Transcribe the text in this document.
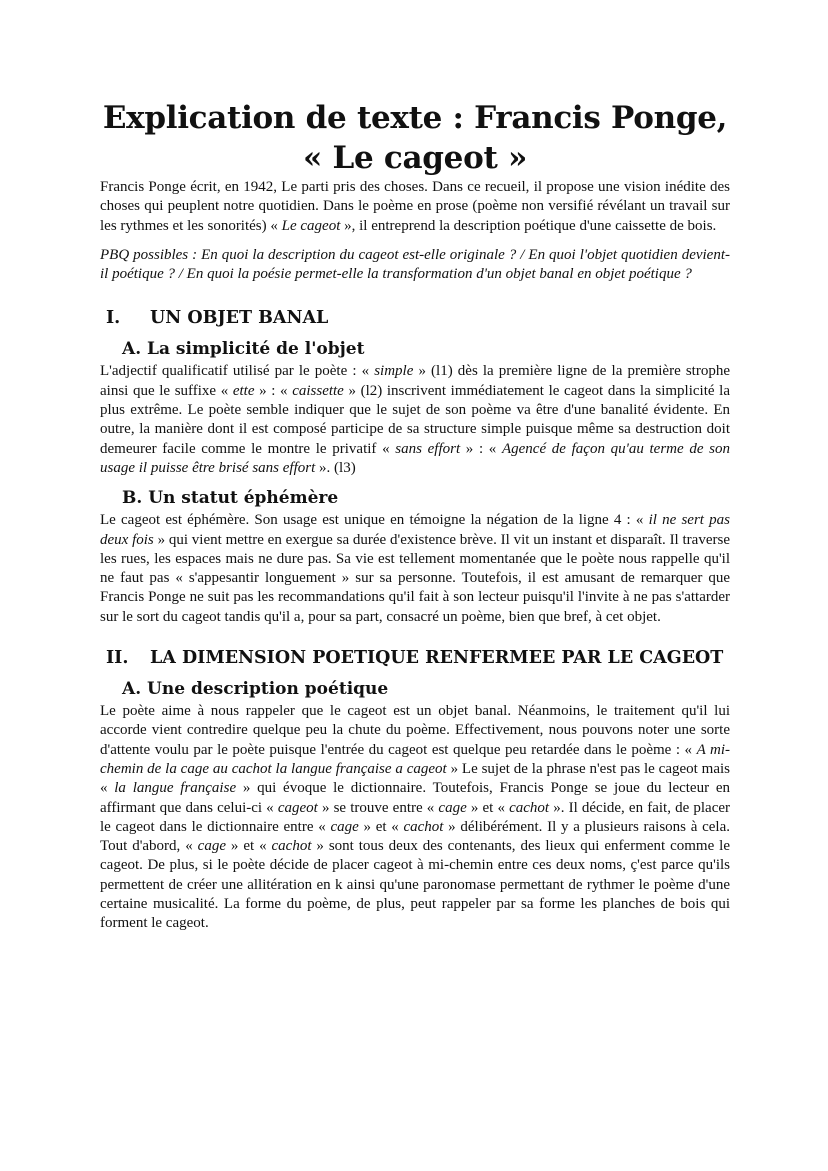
Explication de texte : Francis Ponge,
« Le cageot »

Francis Ponge écrit, en 1942, Le parti pris des choses. Dans ce recueil, il propose une vision inédite des choses qui peuplent notre quotidien. Dans le poème en prose (poème non versifié révélant un travail sur les rythmes et les sonorités) « Le cageot », il entreprend la description poétique d'une caissette de bois.

PBQ possibles : En quoi la description du cageot est-elle originale ? / En quoi l'objet quotidien devient-il poétique ? / En quoi la poésie permet-elle la transformation d'un objet banal en objet poétique ?

I.	UN OBJET BANAL
A. La simplicité de l'objet

L'adjectif qualificatif utilisé par le poète : « simple » (l1) dès la première ligne de la première strophe ainsi que le suffixe « ette » : « caissette » (l2) inscrivent immédiatement le cageot dans la simplicité la plus extrême. Le poète semble indiquer que le sujet de son poème va être d'une banalité évidente. En outre, la manière dont il est composé participe de sa structure simple puisque même sa destruction doit demeurer facile comme le montre le privatif « sans effort » : « Agencé de façon qu'au terme de son usage il puisse être brisé sans effort ». (l3)

B. Un statut éphémère

Le cageot est éphémère. Son usage est unique en témoigne la négation de la ligne 4 : « il ne sert pas deux fois » qui vient mettre en exergue sa durée d'existence brève. Il vit un instant et disparaît. Il traverse les rues, les espaces mais ne dure pas. Sa vie est tellement momentanée que le poète nous rappelle qu'il ne faut pas « s'appesantir longuement » sur sa personne. Toutefois, il est amusant de remarquer que Francis Ponge ne suit pas les recommandations qu'il fait à son lecteur puisqu'il l'invite à ne pas s'attarder sur le sort du cageot tandis qu'il a, pour sa part, consacré un poème, bien que bref, à cet objet.

II.	LA DIMENSION POETIQUE RENFERMEE PAR LE CAGEOT
A. Une description poétique

Le poète aime à nous rappeler que le cageot est un objet banal. Néanmoins, le traitement qu'il lui accorde vient contredire quelque peu la chute du poème. Effectivement, nous pouvons noter une sorte d'attente voulu par le poète puisque l'entrée du cageot est quelque peu retardée dans le poème : « A mi-chemin de la cage au cachot la langue française a cageot » Le sujet de la phrase n'est pas le cageot mais « la langue française » qui évoque le dictionnaire. Toutefois, Francis Ponge se joue du lecteur en affirmant que dans celui-ci « cageot » se trouve entre « cage » et « cachot ». Il décide, en fait, de placer le cageot dans le dictionnaire entre « cage » et « cachot » délibérément. Il y a plusieurs raisons à cela. Tout d'abord, « cage » et « cachot » sont tous deux des contenants, des lieux qui enferment comme le cageot. De plus, si le poète décide de placer cageot à mi-chemin entre ces deux noms, ç'est parce qu'ils permettent de créer une allitération en k ainsi qu'une paronomase permettant de rythmer le poème d'une certaine musicalité. La forme du poème, de plus, peut rappeler par sa forme les planches de bois qui forment le cageot.
